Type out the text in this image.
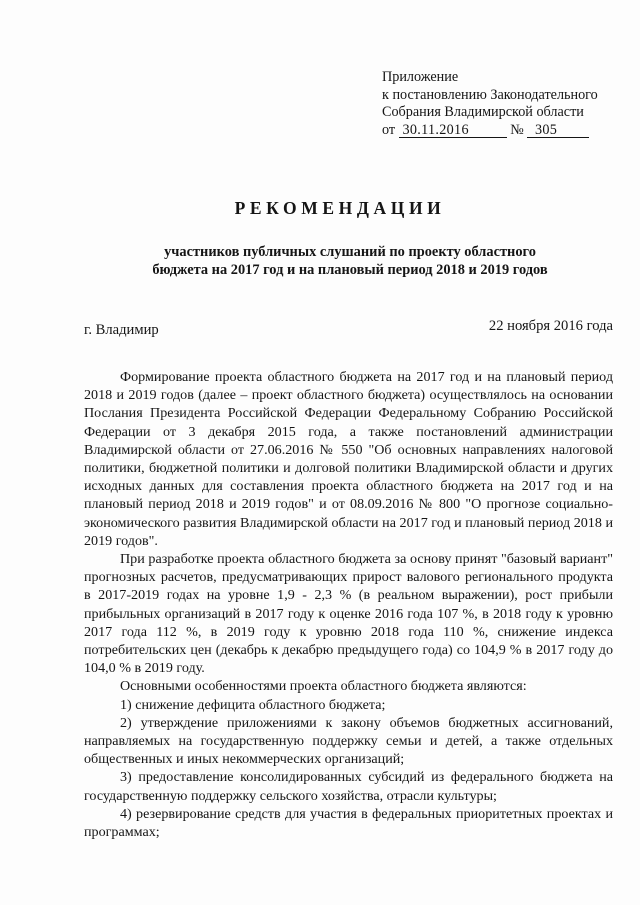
Приложение
к постановлению Законодательного
Собрания Владимирской области
от 30.11.2016	№ 305
РЕКОМЕНДАЦИИ
участников публичных слушаний по проекту областного
бюджета на 2017 год и на плановый период 2018 и 2019 годов
г. Владимир	22 ноября 2016 года

Формирование проекта областного бюджета на 2017 год и на плановый период 2018 и 2019 годов (далее – проект областного бюджета) осуществлялось на основании Послания Президента Российской Федерации Федеральному Собранию Российской Федерации от 3 декабря 2015 года, а также постановлений администрации Владимирской области от 27.06.2016 № 550 "Об основных направлениях налоговой политики, бюджетной политики и долговой политики Владимирской области и других исходных данных для составления проекта областного бюджета на 2017 год и на плановый период 2018 и 2019 годов" и от 08.09.2016 № 800 "О прогнозе социально-экономического развития Владимирской области на 2017 год и плановый период 2018 и 2019 годов".

При разработке проекта областного бюджета за основу принят "базовый вариант" прогнозных расчетов, предусматривающих прирост валового регионального продукта в 2017-2019 годах на уровне 1,9 - 2,3 % (в реальном выражении), рост прибыли прибыльных организаций в 2017 году к оценке 2016 года 107 %, в 2018 году к уровню 2017 года 112 %, в 2019 году к уровню 2018 года 110 %, снижение индекса потребительских цен (декабрь к декабрю предыдущего года) со 104,9 % в 2017 году до 104,0 % в 2019 году.

Основными особенностями проекта областного бюджета являются:

1) снижение дефицита областного бюджета;

2) утверждение приложениями к закону объемов бюджетных ассигнований, направляемых на государственную поддержку семьи и детей, а также отдельных общественных и иных некоммерческих организаций;

3) предоставление консолидированных субсидий из федерального бюджета на государственную поддержку сельского хозяйства, отрасли культуры;

4) резервирование средств для участия в федеральных приоритетных проектах и программах;
